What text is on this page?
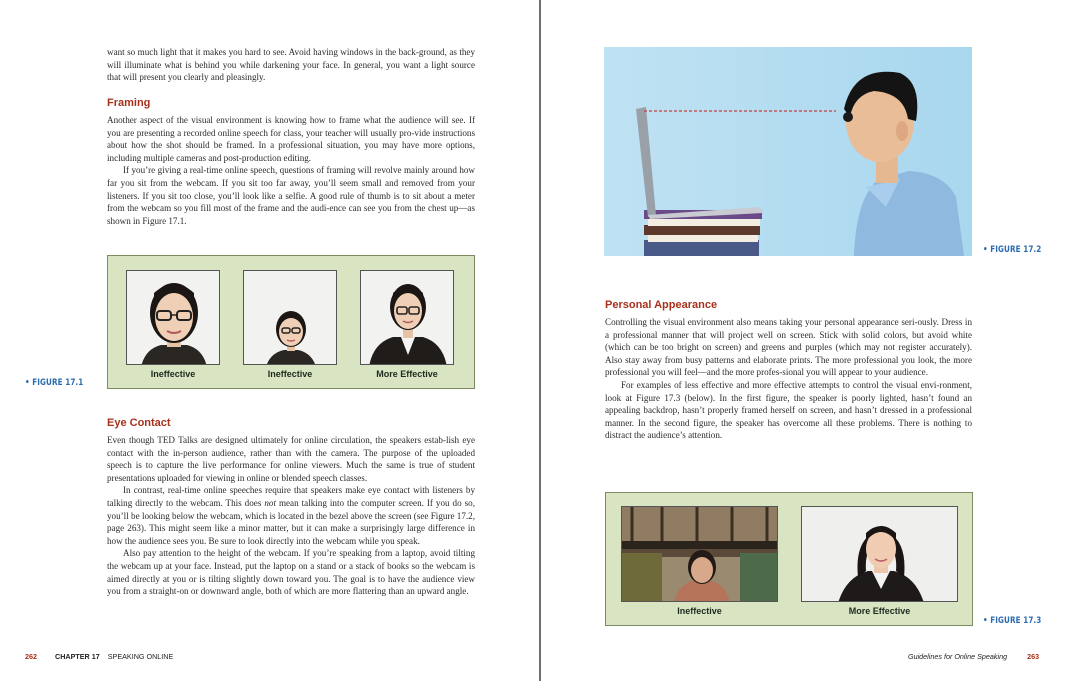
want so much light that it makes you hard to see. Avoid having windows in the back-ground, as they will illuminate what is behind you while darkening your face. In general, you want a light source that will present you clearly and pleasingly.

Framing

Another aspect of the visual environment is knowing how to frame what the audience will see. If you are presenting a recorded online speech for class, your teacher will usually pro-vide instructions about how the shot should be framed. In a professional situation, you may have more options, including multiple cameras and post-production editing.

If you’re giving a real-time online speech, questions of framing will revolve mainly around how far you sit from the webcam. If you sit too far away, you’ll seem small and removed from your listeners. If you sit too close, you’ll look like a selfie. A good rule of thumb is to sit about a meter from the webcam so you fill most of the frame and the audi-ence can see you from the chest up—as shown in Figure 17.1.

Ineffective	Ineffective	More Effective
• FIGURE 17.1
Eye Contact

Even though TED Talks are designed ultimately for online circulation, the speakers estab-lish eye contact with the in-person audience, rather than with the camera. The purpose of the uploaded speech is to capture the live performance for online viewers. Much the same is true of student presentations uploaded for viewing in online or blended speech classes.

In contrast, real-time online speeches require that speakers make eye contact with listeners by talking directly to the webcam. This does not mean talking into the computer screen. If you do so, you’ll be looking below the webcam, which is located in the bezel above the screen (see Figure 17.2, page 263). This might seem like a minor matter, but it can make a surprisingly large difference in how the audience sees you. Be sure to look directly into the webcam while you speak.

Also pay attention to the height of the webcam. If you’re speaking from a laptop, avoid tilting the webcam up at your face. Instead, put the laptop on a stand or a stack of books so the webcam is aimed directly at you or is tilting slightly down toward you. The goal is to have the audience view you from a straight-on or downward angle, both of which are more flattering than an upward angle.

262	CHAPTER 17 SPEAKING ONLINE
• FIGURE 17.2
Personal Appearance

Controlling the visual environment also means taking your personal appearance seri-ously. Dress in a professional manner that will project well on screen. Stick with solid colors, but avoid white (which can be too bright on screen) and greens and purples (which may not register accurately). Also stay away from busy patterns and elaborate prints. The more professional you look, the more professional you will feel—and the more profes-sional you will appear to your audience.

For examples of less effective and more effective attempts to control the visual envi-ronment, look at Figure 17.3 (below). In the first figure, the speaker is poorly lighted, hasn’t found an appealing backdrop, hasn’t properly framed herself on screen, and hasn’t dressed in a professional manner. In the second figure, the speaker has overcome all these problems. There is nothing to distract the audience’s attention.

Ineffective	More Effective
• FIGURE 17.3
Guidelines for Online Speaking	263
